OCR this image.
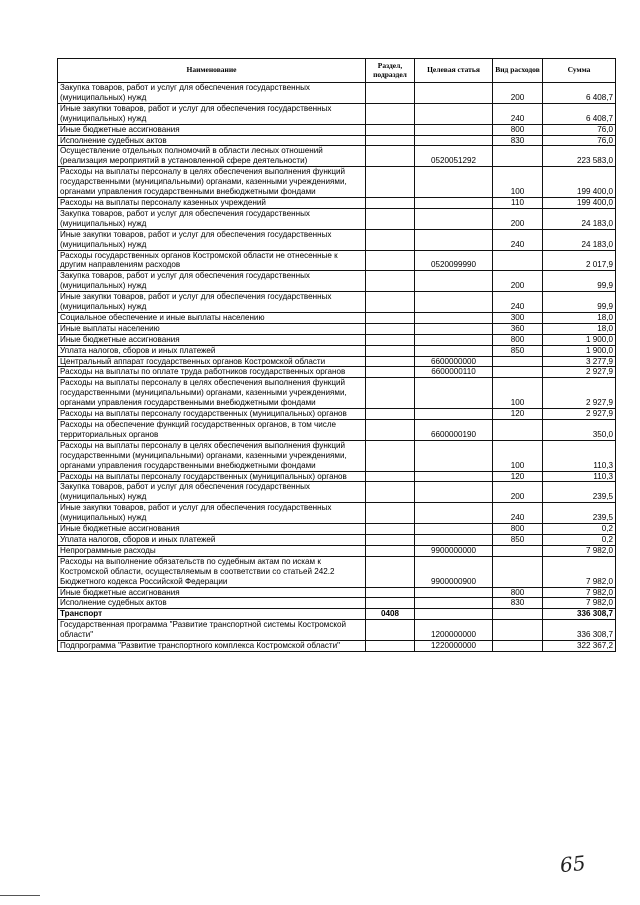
Наименование	Раздел, подраздел	Целевая статья	Вид расходов	Сумма
Закупка товаров, работ и услуг для обеспечения государственных (муниципальных) нужд			200	6 408,7
Иные закупки товаров, работ и услуг для обеспечения государственных (муниципальных) нужд			240	6 408,7
Иные бюджетные ассигнования			800	76,0
Исполнение судебных актов			830	76,0
Осуществление отдельных полномочий в области лесных отношений (реализация мероприятий в установленной сфере деятельности)		0520051292		223 583,0
Расходы на выплаты персоналу в целях обеспечения выполнения функций государственными (муниципальными) органами, казенными учреждениями, органами управления государственными внебюджетными фондами			100	199 400,0
Расходы на выплаты персоналу казенных учреждений			110	199 400,0
Закупка товаров, работ и услуг для обеспечения государственных (муниципальных) нужд			200	24 183,0
Иные закупки товаров, работ и услуг для обеспечения государственных (муниципальных) нужд			240	24 183,0
Расходы государственных органов Костромской области не отнесенные к другим направлениям расходов		0520099990		2 017,9
Закупка товаров, работ и услуг для обеспечения государственных (муниципальных) нужд			200	99,9
Иные закупки товаров, работ и услуг для обеспечения государственных (муниципальных) нужд			240	99,9
Социальное обеспечение и иные выплаты населению			300	18,0
Иные выплаты населению			360	18,0
Иные бюджетные ассигнования			800	1 900,0
Уплата налогов, сборов и иных платежей			850	1 900,0
Центральный аппарат государственных органов Костромской области		6600000000		3 277,9
Расходы на выплаты по оплате труда работников государственных органов		6600000110		2 927,9
Расходы на выплаты персоналу в целях обеспечения выполнения функций государственными (муниципальными) органами, казенными учреждениями, органами управления государственными внебюджетными фондами			100	2 927,9
Расходы на выплаты персоналу государственных (муниципальных) органов			120	2 927,9
Расходы на обеспечение функций государственных органов, в том числе территориальных органов		6600000190		350,0
Расходы на выплаты персоналу в целях обеспечения выполнения функций государственными (муниципальными) органами, казенными учреждениями, органами управления государственными внебюджетными фондами			100	110,3
Расходы на выплаты персоналу государственных (муниципальных) органов			120	110,3
Закупка товаров, работ и услуг для обеспечения государственных (муниципальных) нужд			200	239,5
Иные закупки товаров, работ и услуг для обеспечения государственных (муниципальных) нужд			240	239,5
Иные бюджетные ассигнования			800	0,2
Уплата налогов, сборов и иных платежей			850	0,2
Непрограммные расходы		9900000000		7 982,0
Расходы на выполнение обязательств по судебным актам по искам к Костромской области, осуществляемым в соответствии со статьей 242.2 Бюджетного кодекса Российской Федерации		9900000900		7 982,0
Иные бюджетные ассигнования			800	7 982,0
Исполнение судебных актов			830	7 982,0
Транспорт	0408			336 308,7
Государственная программа "Развитие транспортной системы Костромской области"		1200000000		336 308,7
Подпрограмма "Развитие транспортного комплекса Костромской области"		1220000000		322 367,2
65
